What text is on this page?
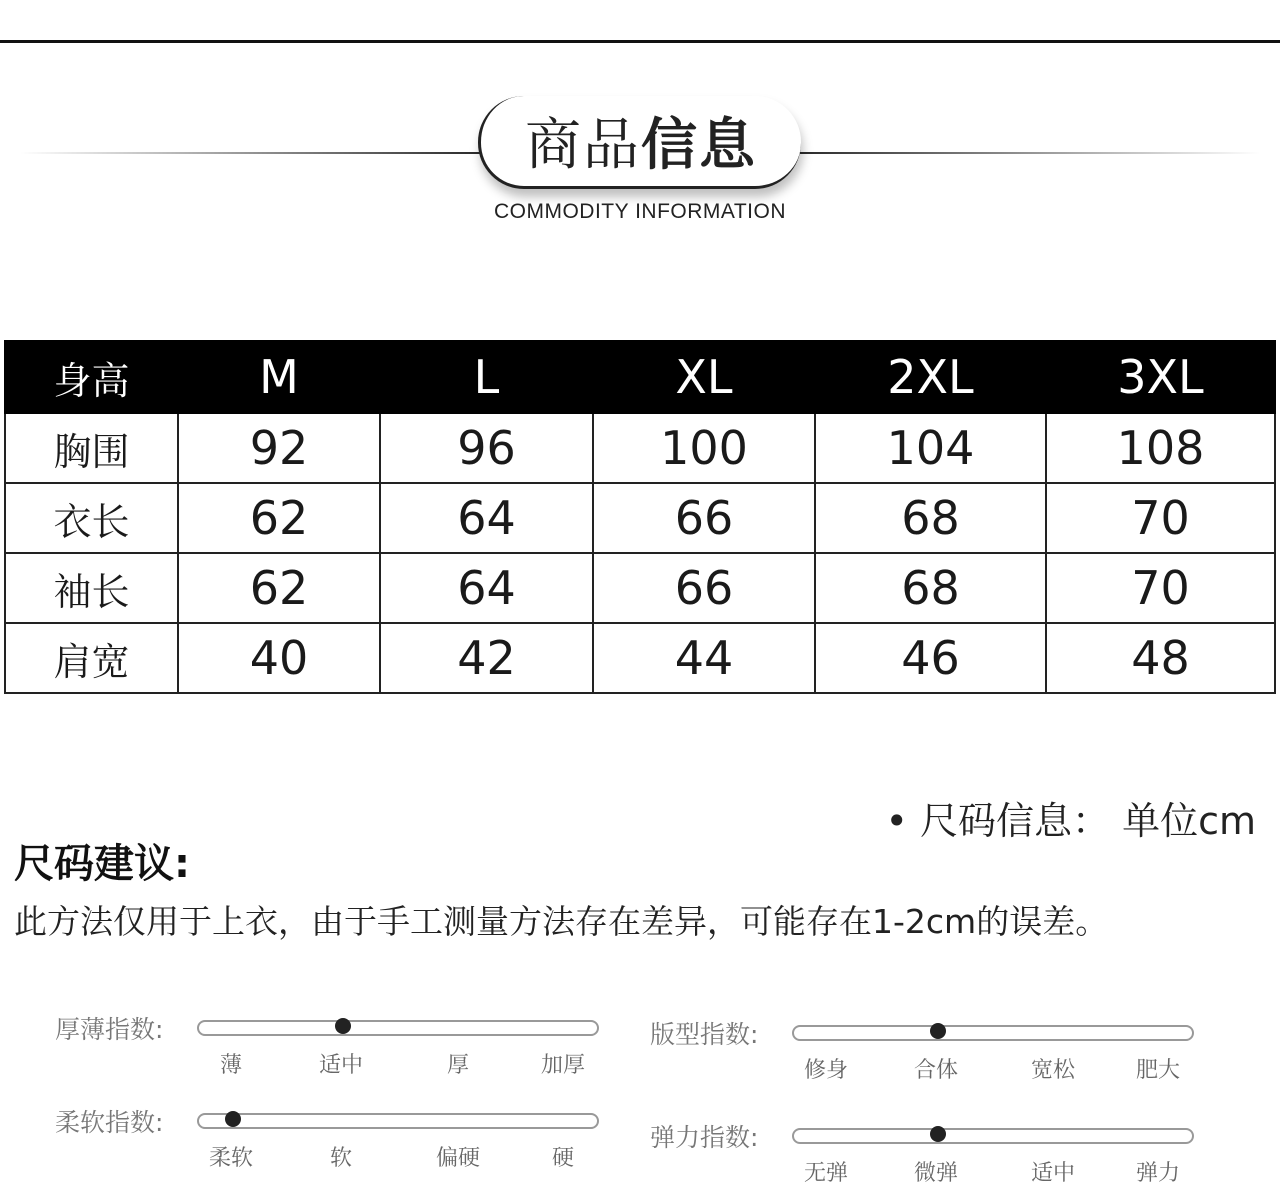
商品 信息
COMMODITY INFORMATION
身高	M	L	XL	2XL	3XL
胸围	92	96	100	104	108
衣长	62	64	66	68	70
袖长	62	64	66	68	70
肩宽	40	42	44	46	48
• 尺码信息： 单位cm
尺码建议:
此方法仅用于上衣，由于手工测量方法存在差异，可能存在1-2cm的误差。
厚薄指数:
薄	适中	厚	加厚
版型指数:
修身	合体	宽松	肥大
柔软指数:
柔软	软	偏硬	硬
弹力指数:
无弹	微弹	适中	弹力
